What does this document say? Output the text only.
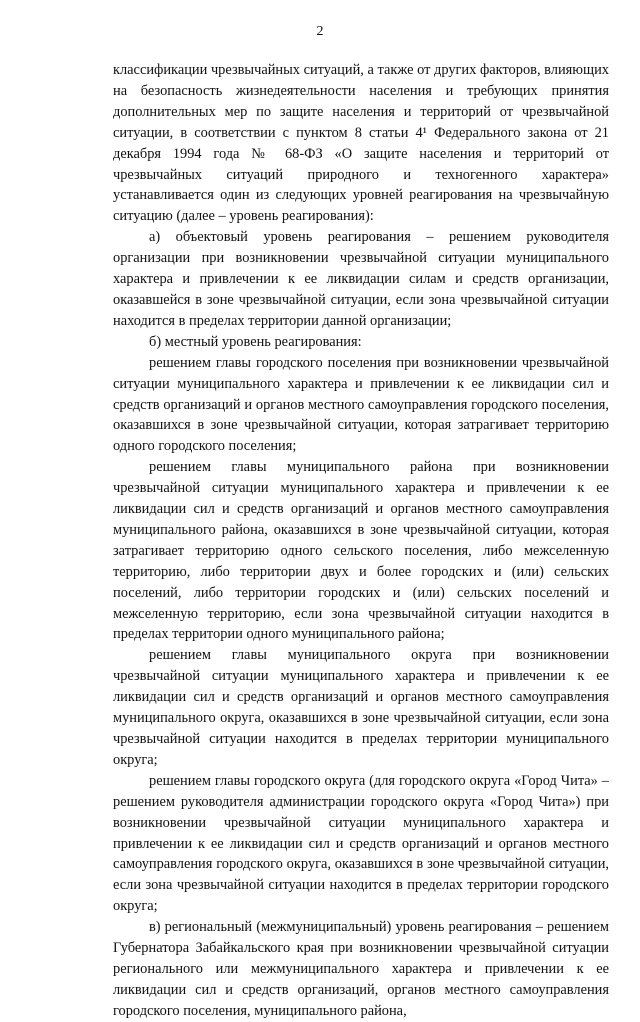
2

классификации чрезвычайных ситуаций, а также от других факторов, влияющих на безопасность жизнедеятельности населения и требующих принятия дополнительных мер по защите населения и территорий от чрезвычайной ситуации, в соответствии с пунктом 8 статьи 4¹ Федерального закона от 21 декабря 1994 года № 68-ФЗ «О защите населения и территорий от чрезвычайных ситуаций природного и техногенного характера» устанавливается один из следующих уровней реагирования на чрезвычайную ситуацию (далее – уровень реагирования):

а) объектовый уровень реагирования – решением руководителя организации при возникновении чрезвычайной ситуации муниципального характера и привлечении к ее ликвидации силам и средств организации, оказавшейся в зоне чрезвычайной ситуации, если зона чрезвычайной ситуации находится в пределах территории данной организации;

б) местный уровень реагирования:

решением главы городского поселения при возникновении чрезвычайной ситуации муниципального характера и привлечении к ее ликвидации сил и средств организаций и органов местного самоуправления городского поселения, оказавшихся в зоне чрезвычайной ситуации, которая затрагивает территорию одного городского поселения;

решением главы муниципального района при возникновении чрезвычайной ситуации муниципального характера и привлечении к ее ликвидации сил и средств организаций и органов местного самоуправления муниципального района, оказавшихся в зоне чрезвычайной ситуации, которая затрагивает территорию одного сельского поселения, либо межселенную территорию, либо территории двух и более городских и (или) сельских поселений, либо территории городских и (или) сельских поселений и межселенную территорию, если зона чрезвычайной ситуации находится в пределах территории одного муниципального района;

решением главы муниципального округа при возникновении чрезвычайной ситуации муниципального характера и привлечении к ее ликвидации сил и средств организаций и органов местного самоуправления муниципального округа, оказавшихся в зоне чрезвычайной ситуации, если зона чрезвычайной ситуации находится в пределах территории муниципального округа;

решением главы городского округа (для городского округа «Город Чита» – решением руководителя администрации городского округа «Город Чита») при возникновении чрезвычайной ситуации муниципального характера и привлечении к ее ликвидации сил и средств организаций и органов местного самоуправления городского округа, оказавшихся в зоне чрезвычайной ситуации, если зона чрезвычайной ситуации находится в пределах территории городского округа;

в) региональный (межмуниципальный) уровень реагирования – решением Губернатора Забайкальского края при возникновении чрезвычайной ситуации регионального или межмуниципального характера и привлечении к ее ликвидации сил и средств организаций, органов местного самоуправления городского поселения, муниципального района,
